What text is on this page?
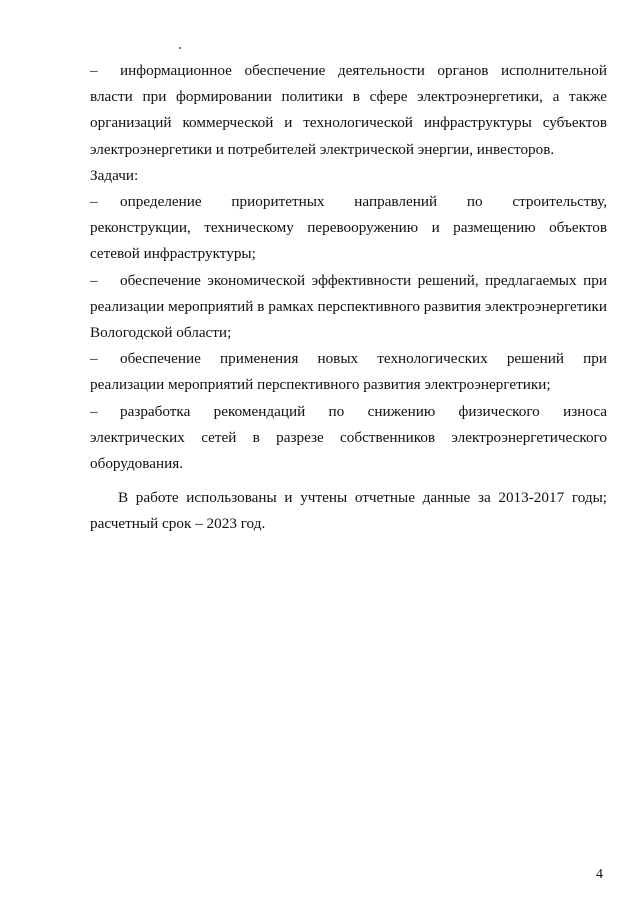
– информационное обеспечение деятельности органов исполнительной власти при формировании политики в сфере электроэнергетики, а также организаций коммерческой и технологической инфраструктуры субъектов электроэнергетики и потребителей электрической энергии, инвесторов.

Задачи:

– определение приоритетных направлений по строительству, реконструкции, техническому перевооружению и размещению объектов сетевой инфраструктуры;

– обеспечение экономической эффективности решений, предлагаемых при реализации мероприятий в рамках перспективного развития электроэнергетики Вологодской области;

– обеспечение применения новых технологических решений при реализации мероприятий перспективного развития электроэнергетики;

– разработка рекомендаций по снижению физического износа электрических сетей в разрезе собственников электроэнергетического оборудования.

В работе использованы и учтены отчетные данные за 2013-2017 годы; расчетный срок – 2023 год.

4
